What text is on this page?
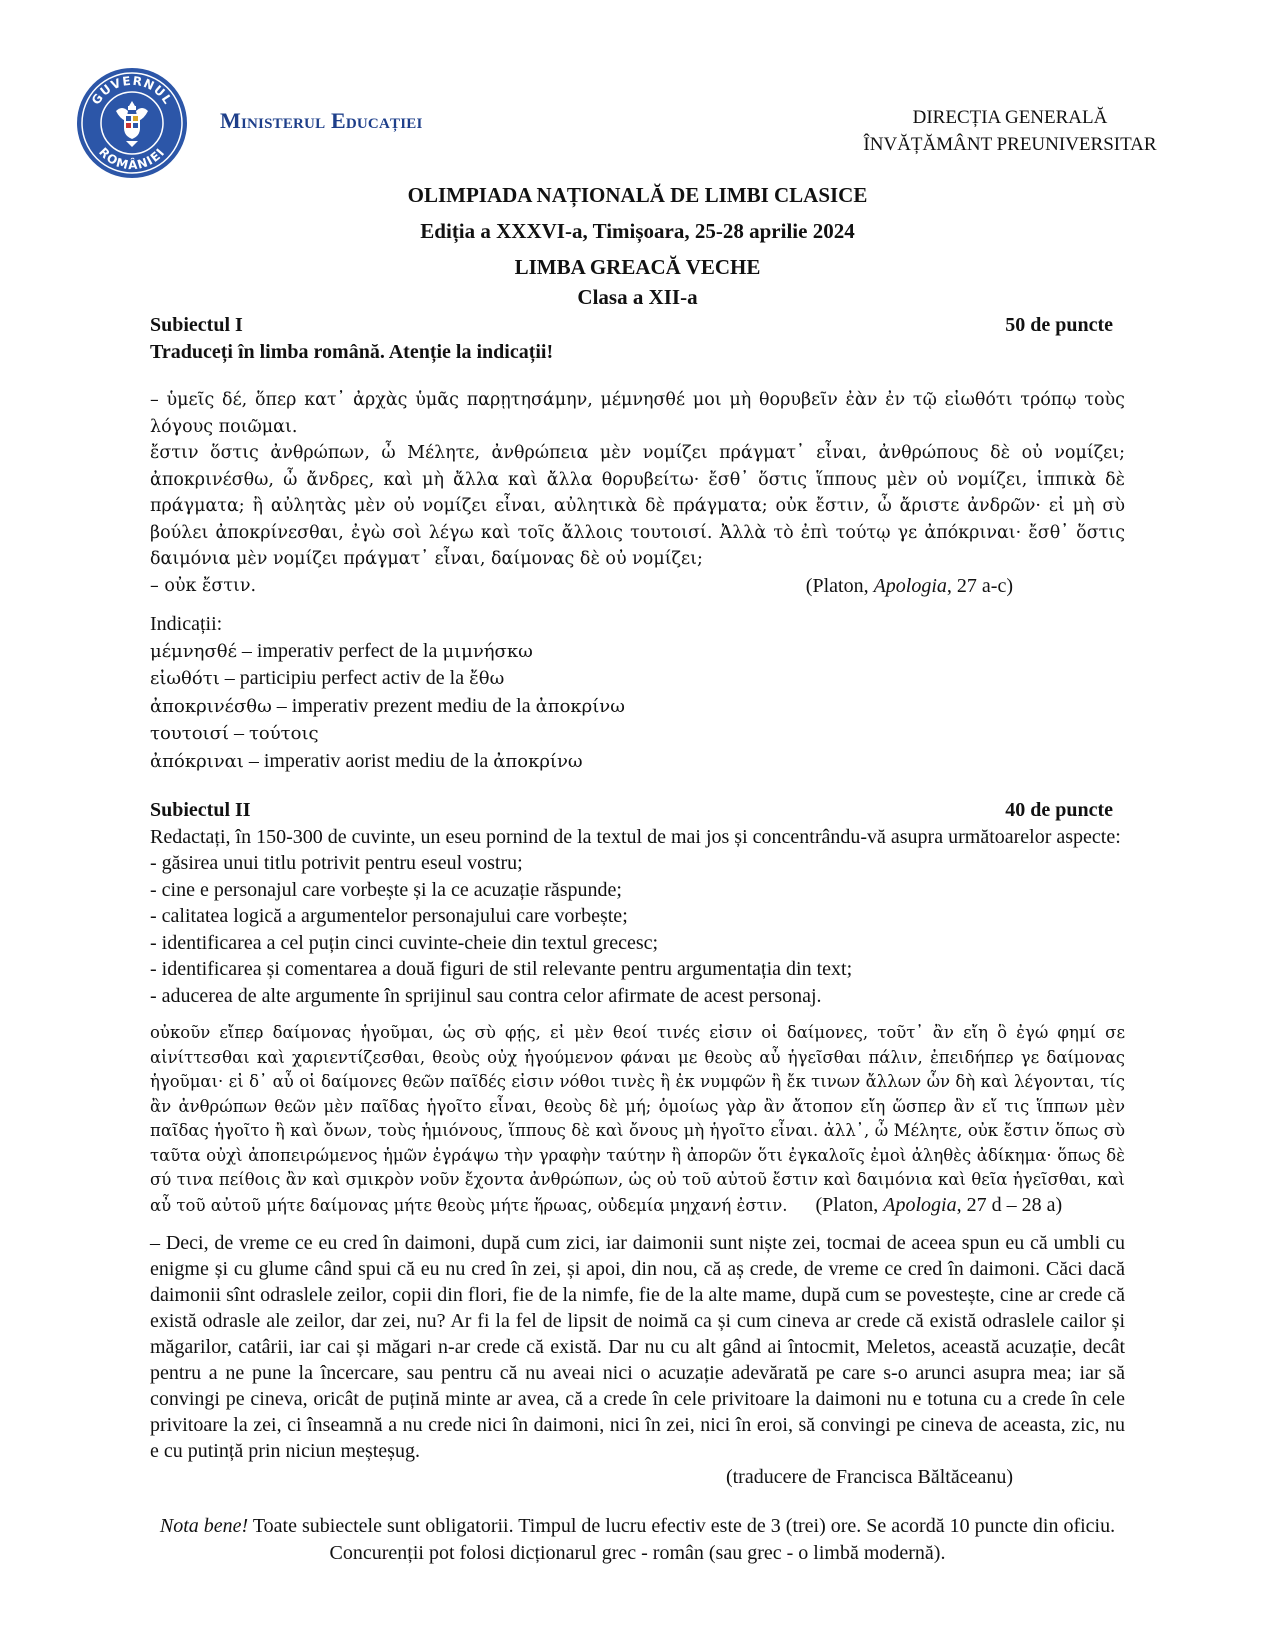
GUVERNUL
ROMÂNIEI
Ministerul Educației	DIRECȚIA GENERALĂ
ÎNVĂȚĂMÂNT PREUNIVERSITAR
OLIMPIADA NAȚIONALĂ DE LIMBI CLASICE
Ediția a XXXVI-a, Timișoara, 25-28 aprilie 2024
LIMBA GREACĂ VECHE
Clasa a XII-a
Subiectul I	50 de puncte
Traduceți în limba română. Atenție la indicații!
– ὑμεῖς δέ, ὅπερ κατ᾽ ἀρχὰς ὑμᾶς παρῃτησάμην, μέμνησθέ μοι μὴ θορυβεῖν ἐὰν ἐν τῷ εἰωθότι τρόπῳ τοὺς λόγους ποιῶμαι.
ἔστιν ὅστις ἀνθρώπων, ὦ Μέλητε, ἀνθρώπεια μὲν νομίζει πράγματ᾽ εἶναι, ἀνθρώπους δὲ οὐ νομίζει; ἀποκρινέσθω, ὦ ἄνδρες, καὶ μὴ ἄλλα καὶ ἄλλα θορυβείτω· ἔσθ᾽ ὅστις ἵππους μὲν οὐ νομίζει, ἱππικὰ δὲ πράγματα; ἢ αὐλητὰς μὲν οὐ νομίζει εἶναι, αὐλητικὰ δὲ πράγματα; οὐκ ἔστιν, ὦ ἄριστε ἀνδρῶν· εἰ μὴ σὺ βούλει ἀποκρίνεσθαι, ἐγὼ σοὶ λέγω καὶ τοῖς ἄλλοις τουτοισί. Ἀλλὰ τὸ ἐπὶ τούτῳ γε ἀπόκριναι· ἔσθ᾽ ὅστις δαιμόνια μὲν νομίζει πράγματ᾽ εἶναι, δαίμονας δὲ οὐ νομίζει;
– οὐκ ἔστιν.	(Platon, Apologia, 27 a-c)
Indicații:
μέμνησθέ – imperativ perfect de la μιμνήσκω
εἰωθότι – participiu perfect activ de la ἔθω
ἀποκρινέσθω – imperativ prezent mediu de la ἀποκρίνω
τουτοισί – τούτοις
ἀπόκριναι – imperativ aorist mediu de la ἀποκρίνω
Subiectul II	40 de puncte
Redactați, în 150-300 de cuvinte, un eseu pornind de la textul de mai jos și concentrându-vă asupra următoarelor aspecte:
- găsirea unui titlu potrivit pentru eseul vostru;
- cine e personajul care vorbește și la ce acuzație răspunde;
- calitatea logică a argumentelor personajului care vorbește;
- identificarea a cel puțin cinci cuvinte-cheie din textul grecesc;
- identificarea și comentarea a două figuri de stil relevante pentru argumentația din text;
- aducerea de alte argumente în sprijinul sau contra celor afirmate de acest personaj.
οὐκοῦν εἴπερ δαίμονας ἡγοῦμαι, ὡς σὺ φῄς, εἰ μὲν θεοί τινές εἰσιν οἱ δαίμονες, τοῦτ᾽ ἂν εἴη ὃ ἐγώ φημί σε αἰνίττεσθαι καὶ χαριεντίζεσθαι, θεοὺς οὐχ ἡγούμενον φάναι με θεοὺς αὖ ἡγεῖσθαι πάλιν, ἐπειδήπερ γε δαίμονας ἡγοῦμαι· εἰ δ᾽ αὖ οἱ δαίμονες θεῶν παῖδές εἰσιν νόθοι τινὲς ἢ ἐκ νυμφῶν ἢ ἔκ τινων ἄλλων ὧν δὴ καὶ λέγονται, τίς ἂν ἀνθρώπων θεῶν μὲν παῖδας ἡγοῖτο εἶναι, θεοὺς δὲ μή; ὁμοίως γὰρ ἂν ἄτοπον εἴη ὥσπερ ἂν εἴ τις ἵππων μὲν παῖδας ἡγοῖτο ἢ καὶ ὄνων, τοὺς ἡμιόνους, ἵππους δὲ καὶ ὄνους μὴ ἡγοῖτο εἶναι. ἀλλ᾽, ὦ Μέλητε, οὐκ ἔστιν ὅπως σὺ ταῦτα οὐχὶ ἀποπειρώμενος ἡμῶν ἐγράψω τὴν γραφὴν ταύτην ἢ ἀπορῶν ὅτι ἐγκαλοῖς ἐμοὶ ἀληθὲς ἀδίκημα· ὅπως δὲ σύ τινα πείθοις ἂν καὶ σμικρὸν νοῦν ἔχοντα ἀνθρώπων, ὡς οὐ τοῦ αὐτοῦ ἔστιν καὶ δαιμόνια καὶ θεῖα ἡγεῖσθαι, καὶ αὖ τοῦ αὐτοῦ μήτε δαίμονας μήτε θεοὺς μήτε ἥρωας, οὐδεμία μηχανή ἐστιν. (Platon, Apologia, 27 d – 28 a)
– Deci, de vreme ce eu cred în daimoni, după cum zici, iar daimonii sunt niște zei, tocmai de aceea spun eu că umbli cu enigme și cu glume când spui că eu nu cred în zei, și apoi, din nou, că aș crede, de vreme ce cred în daimoni. Căci dacă daimonii sînt odraslele zeilor, copii din flori, fie de la nimfe, fie de la alte mame, după cum se povestește, cine ar crede că există odrasle ale zeilor, dar zei, nu? Ar fi la fel de lipsit de noimă ca și cum cineva ar crede că există odraslele cailor și măgarilor, catârii, iar cai și măgari n-ar crede că există. Dar nu cu alt gând ai întocmit, Meletos, această acuzație, decât pentru a ne pune la încercare, sau pentru că nu aveai nici o acuzație adevărată pe care s-o arunci asupra mea; iar să convingi pe cineva, oricât de puțină minte ar avea, că a crede în cele privitoare la daimoni nu e totuna cu a crede în cele privitoare la zei, ci înseamnă a nu crede nici în daimoni, nici în zei, nici în eroi, să convingi pe cineva de aceasta, zic, nu e cu putință prin niciun meșteșug.
(traducere de Francisca Băltăceanu)
Nota bene! Toate subiectele sunt obligatorii. Timpul de lucru efectiv este de 3 (trei) ore. Se acordă 10 puncte din oficiu.
Concurenții pot folosi dicționarul grec - român (sau grec - o limbă modernă).
